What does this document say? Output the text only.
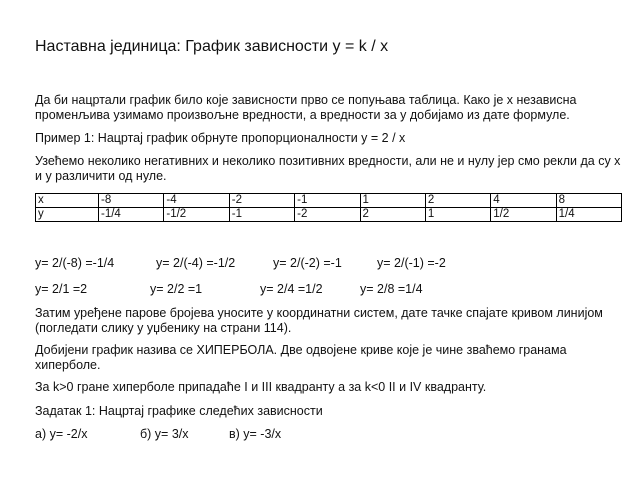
Наставна јединица: График зависности y = k / x
Да би нацртали график било које зависности прво се попуњава таблица. Како је x независна
променљива узимамо произвољне вредности, а вредности за y добијамо из дате формуле.
Пример 1: Нацртај график обрнуте пропорционалности y = 2 / x
Узећемо неколико негативних и неколико позитивних вредности, али не и нулу јер смо рекли да су x
и y различити од нуле.
x	-8	-4	-2	-1	1	2	4	8
y	-1/4	-1/2	-1	-2	2	1	1/2	1/4
y= 2/(-8) =-1/4	y= 2/(-4) =-1/2	y= 2/(-2) =-1	y= 2/(-1) =-2
y= 2/1 =2	y= 2/2 =1	y= 2/4 =1/2	y= 2/8 =1/4
Затим уређене парове бројева уносите у координатни систем, дате тачке спајате кривом линијом
(погледати слику у уџбенику на страни 114).
Добијени график назива се ХИПЕРБОЛА. Две одвојене криве које је чине зваћемо гранама
хиперболе.
За k>0 гране хиперболе припадаће I и III квадранту а за k<0 II и IV квадранту.
Задатак 1: Нацртај графике следећих зависности
а) y= -2/x	б) y= 3/x	в) y= -3/x
